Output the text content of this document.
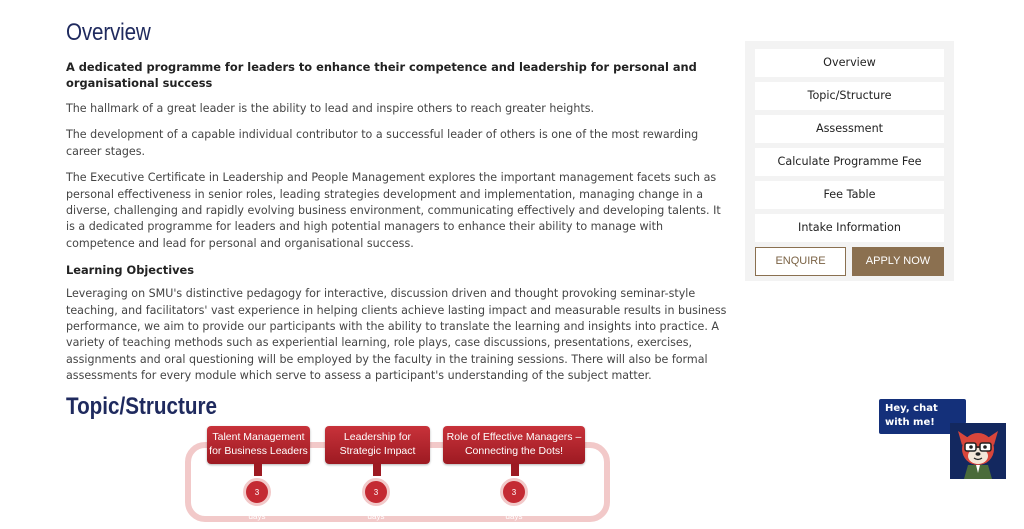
Overview

A dedicated programme for leaders to enhance their competence and leadership for personal and organisational success

The hallmark of a great leader is the ability to lead and inspire others to reach greater heights.

The development of a capable individual contributor to a successful leader of others is one of the most rewarding career stages.

The Executive Certificate in Leadership and People Management explores the important management facets such as personal effectiveness in senior roles, leading strategies development and implementation, managing change in a diverse, challenging and rapidly evolving business environment, communicating effectively and developing talents. It is a dedicated programme for leaders and high potential managers to enhance their ability to manage with competence and lead for personal and organisational success.

Learning Objectives

Leveraging on SMU's distinctive pedagogy for interactive, discussion driven and thought provoking seminar-style teaching, and facilitators' vast experience in helping clients achieve lasting impact and measurable results in business performance, we aim to provide our participants with the ability to translate the learning and insights into practice. A variety of teaching methods such as experiential learning, role plays, case discussions, presentations, exercises, assignments and oral questioning will be employed by the faculty in the training sessions. There will also be formal assessments for every module which serve to assess a participant's understanding of the subject matter.

Topic/Structure
Talent Management
for Business Leaders
3 days
Leadership for
Strategic Impact
3 days
Role of Effective Managers –
Connecting the Dots!
3 days
Overview
Topic/Structure
Assessment
Calculate Programme Fee
Fee Table
Intake Information
ENQUIRE	APPLY NOW
Hey, chat with me!
